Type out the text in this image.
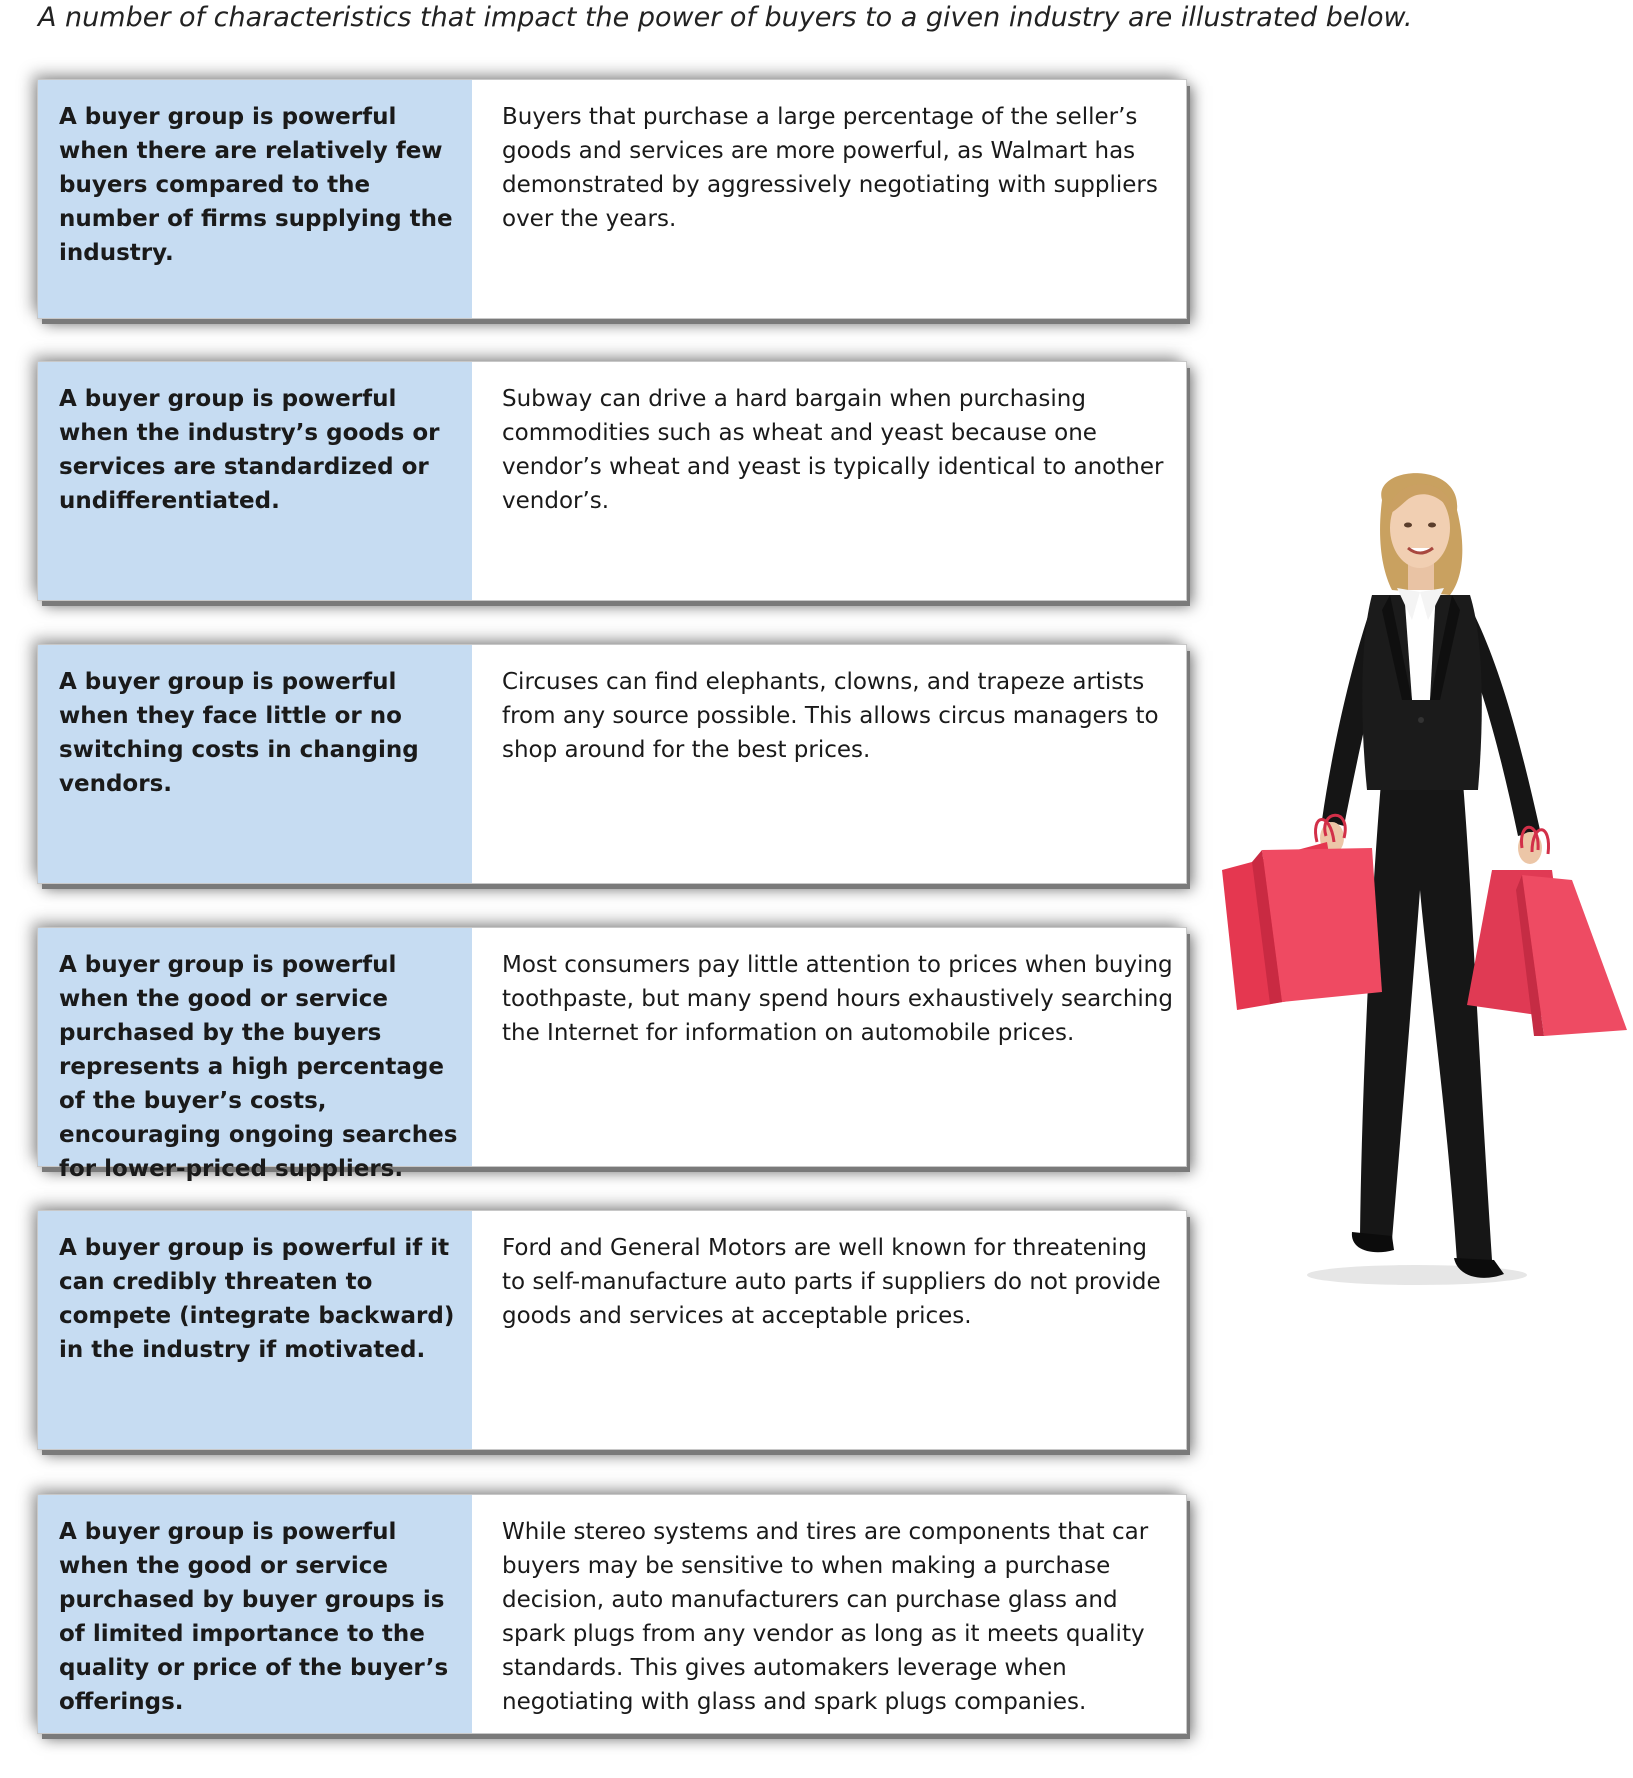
A number of characteristics that impact the power of buyers to a given industry are illustrated below.

A buyer group is powerful when there are relatively few buyers compared to the number of firms supplying the industry.
Buyers that purchase a large percentage of the seller’s goods and services are more powerful, as Walmart has demonstrated by aggressively negotiating with suppliers over the years.
A buyer group is powerful when the industry’s goods or services are standardized or undifferentiated.
Subway can drive a hard bargain when purchasing commodities such as wheat and yeast because one vendor’s wheat and yeast is typically identical to another vendor’s.
A buyer group is powerful when they face little or no switching costs in changing vendors.
Circuses can find elephants, clowns, and trapeze artists from any source possible. This allows circus managers to shop around for the best prices.
A buyer group is powerful when the good or service purchased by the buyers represents a high percentage of the buyer’s costs, encouraging ongoing searches for lower-priced suppliers.
Most consumers pay little attention to prices when buying toothpaste, but many spend hours exhaustively searching the Internet for information on automobile prices.
A buyer group is powerful if it can credibly threaten to compete (integrate backward) in the industry if motivated.
Ford and General Motors are well known for threatening to self-manufacture auto parts if suppliers do not provide goods and services at acceptable prices.
A buyer group is powerful when the good or service purchased by buyer groups is of limited importance to the quality or price of the buyer’s offerings.
While stereo systems and tires are components that car buyers may be sensitive to when making a purchase decision, auto manufacturers can purchase glass and spark plugs from any vendor as long as it meets quality standards. This gives automakers leverage when negotiating with glass and spark plugs companies.
